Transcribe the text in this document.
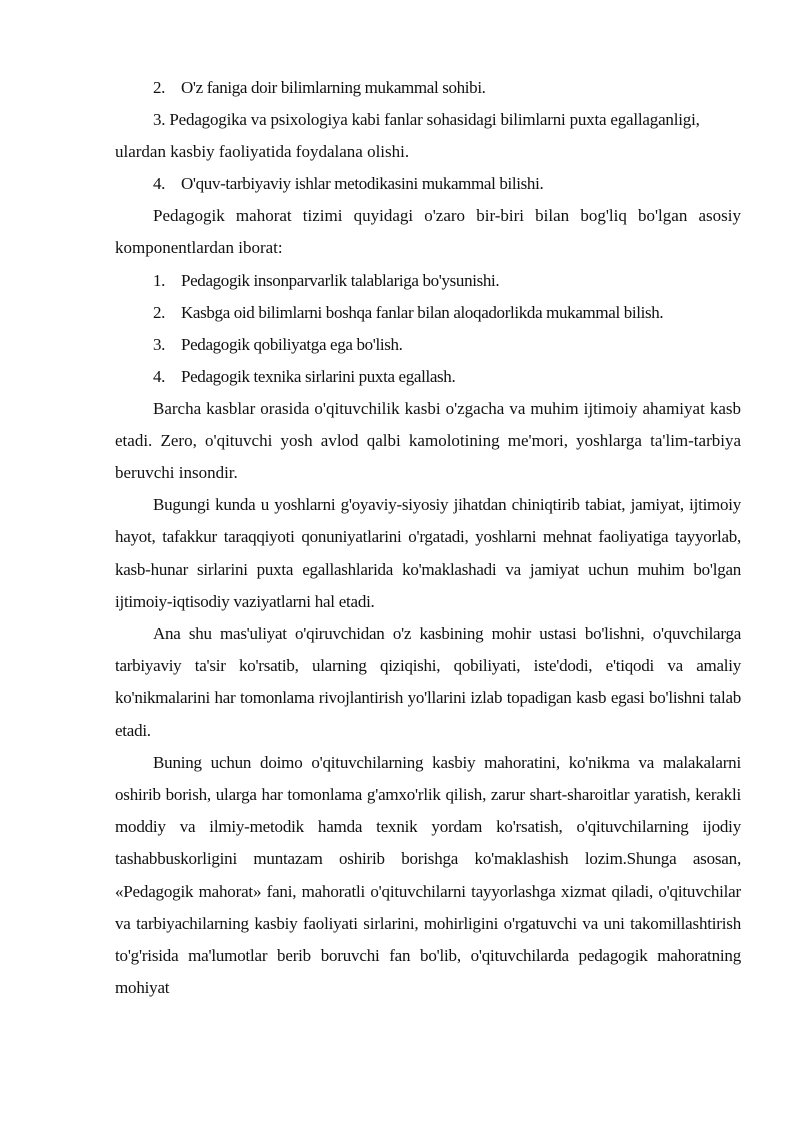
2. O'z faniga doir bilimlarning mukammal sohibi.

3. Pedagogika va psixologiya kabi fanlar sohasidagi bilimlarni puxta egallaganligi,

ulardan kasbiy faoliyatida foydalana olishi.

4. O'quv-tarbiyaviy ishlar metodikasini mukammal bilishi.

Pedagogik mahorat tizimi quyidagi o'zaro bir-biri bilan bog'liq bo'lgan asosiy komponentlardan iborat:

1. Pedagogik insonparvarlik talablariga bo'ysunishi.

2. Kasbga oid bilimlarni boshqa fanlar bilan aloqadorlikda mukammal bilish.

3. Pedagogik qobiliyatga ega bo'lish.

4. Pedagogik texnika sirlarini puxta egallash.

Barcha kasblar orasida o'qituvchilik kasbi o'zgacha va muhim ijtimoiy ahamiyat kasb etadi. Zero, o'qituvchi yosh avlod qalbi kamolotining me'mori, yoshlarga ta'lim-tarbiya beruvchi insondir.

Bugungi kunda u yoshlarni g'oyaviy-siyosiy jihatdan chiniqtirib tabiat, jamiyat, ijtimoiy hayot, tafakkur taraqqiyoti qonuniyatlarini o'rgatadi, yoshlarni mehnat faoliyatiga tayyorlab, kasb-hunar sirlarini puxta egallashlarida ko'maklashadi va jamiyat uchun muhim bo'lgan ijtimoiy-iqtisodiy vaziyatlarni hal etadi.

Ana shu mas'uliyat o'qiruvchidan o'z kasbining mohir ustasi bo'lishni, o'quvchilarga tarbiyaviy ta'sir ko'rsatib, ularning qiziqishi, qobiliyati, iste'dodi, e'tiqodi va amaliy ko'nikmalarini har tomonlama rivojlantirish yo'llarini izlab topadigan kasb egasi bo'lishni talab etadi.

Buning uchun doimo o'qituvchilarning kasbiy mahoratini, ko'nikma va malakalarni oshirib borish, ularga har tomonlama g'amxo'rlik qilish, zarur shart-sharoitlar yaratish, kerakli moddiy va ilmiy-metodik hamda texnik yordam ko'rsatish, o'qituvchilarning ijodiy tashabbuskorligini muntazam oshirib borishga ko'maklashish lozim.Shunga asosan, «Pedagogik mahorat» fani, mahoratli o'qituvchilarni tayyorlashga xizmat qiladi, o'qituvchilar va tarbiyachilarning kasbiy faoliyati sirlarini, mohirligini o'rgatuvchi va uni takomillashtirish to'g'risida ma'lumotlar berib boruvchi fan bo'lib, o'qituvchilarda pedagogik mahoratning mohiyat
